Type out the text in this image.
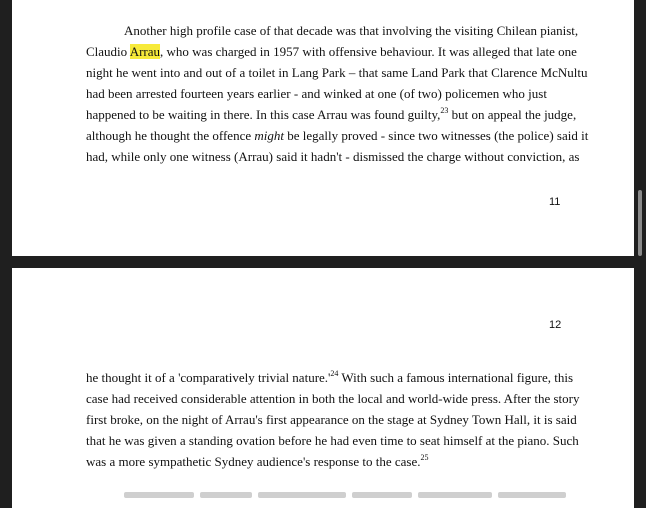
Another high profile case of that decade was that involving the visiting Chilean pianist,
Claudio Arrau, who was charged in 1957 with offensive behaviour. It was alleged that late one
night he went into and out of a toilet in Lang Park – that same Land Park that Clarence McNultu
had been arrested fourteen years earlier - and winked at one (of two) policemen who just
happened to be waiting in there. In this case Arrau was found guilty,$^{23}$ but on appeal the judge,
although he thought the offence might be legally proved - since two witnesses (the police) said it
had, while only one witness (Arrau) said it hadn't - dismissed the charge without conviction, as

11
12

he thought it of a 'comparatively trivial $nature.'^{24}$ With such a famous international figure, this
case had received considerable attention in both the local and world-wide press. After the story
first broke, on the night of Arrau's first appearance on the stage at Sydney Town Hall, it is said
that he was given a standing ovation before he had even time to seat himself at the piano. Such
was a more sympathetic Sydney audience's response to the case.$^{25}$
